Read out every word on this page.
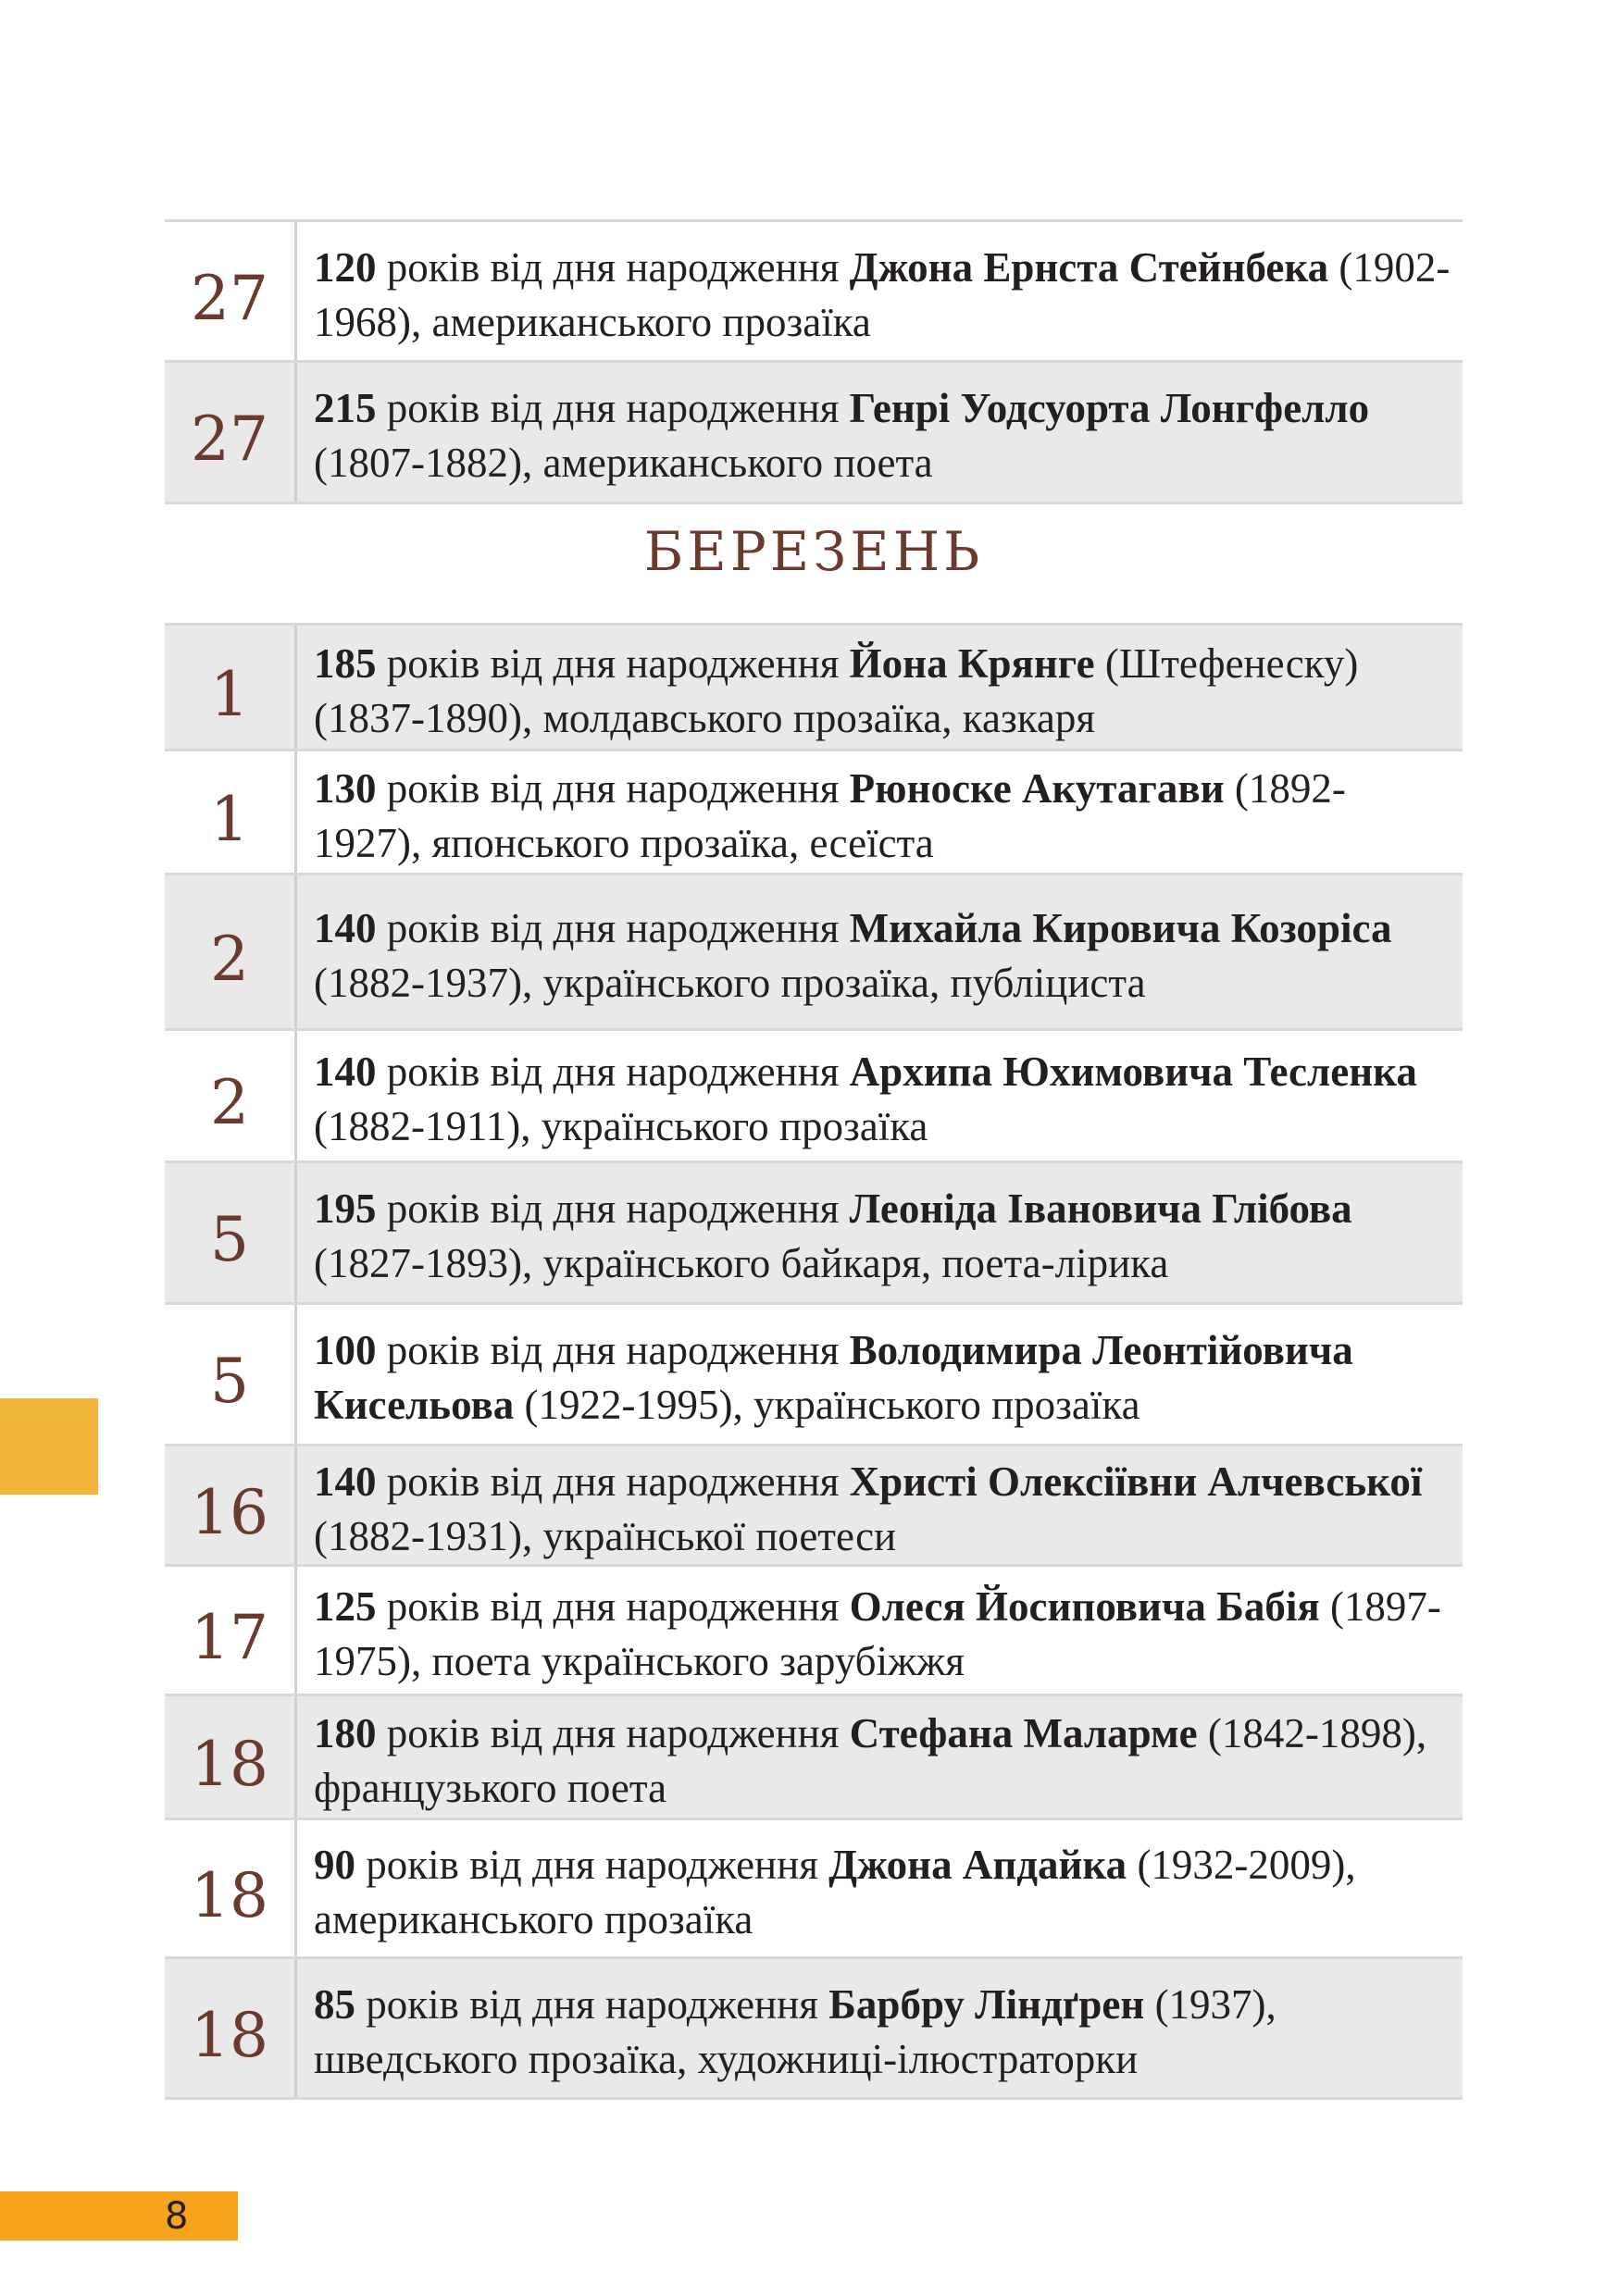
27 120 років від дня народження Джона Ернста Стейнбека (1902-1968), американського прозаїка
27 215 років від дня народження Генрі Уодсуорта Лонгфелло (1807-1882), американського поета
БЕРЕЗЕНЬ
1 185 років від дня народження Йона Крянге (Штефенеску) (1837-1890), молдавського прозаїка, казкаря
1 130 років від дня народження Рюноске Акутагави (1892-1927), японського прозаїка, есеїста
2 140 років від дня народження Михайла Кировича Козоріса (1882-1937), українського прозаїка, публіциста
2 140 років від дня народження Архипа Юхимовича Тесленка (1882-1911), українського прозаїка
5 195 років від дня народження Леоніда Івановича Глібова (1827-1893), українського байкаря, поета-лірика
5 100 років від дня народження Володимира Леонтійовича Кисельова (1922-1995), українського прозаїка
16 140 років від дня народження Христі Олексіївни Алчевської (1882-1931), української поетеси
17 125 років від дня народження Олеся Йосиповича Бабія (1897-1975), поета українського зарубіжжя
18 180 років від дня народження Стефана Маларме (1842-1898), французького поета
18 90 років від дня народження Джона Апдайка (1932-2009), американського прозаїка
18 85 років від дня народження Барбру Ліндґрен (1937), шведського прозаїка, художниці-ілюстраторки
8
